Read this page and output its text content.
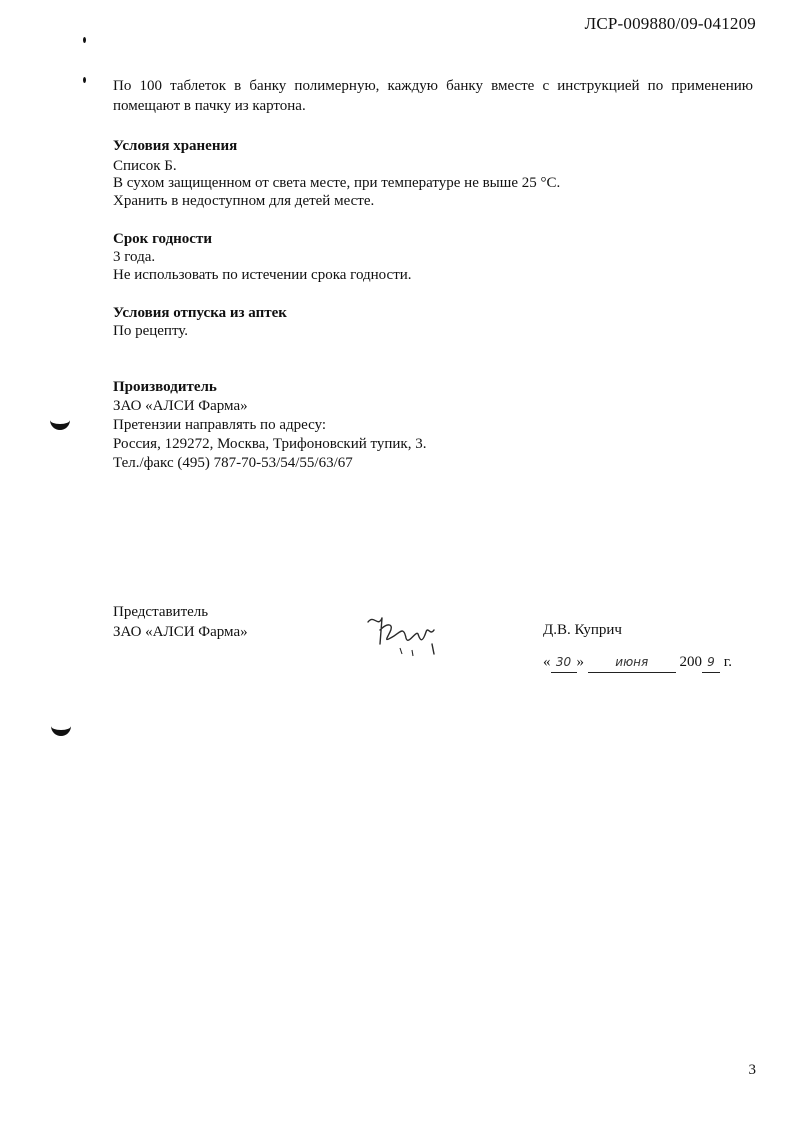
ЛСР-009880/09-041209
По 100 таблеток в банку полимерную, каждую банку вместе с инструкцией по применению помещают в пачку из картона.
Условия хранения
Список Б.
В сухом защищенном от света месте, при температуре не выше 25 °С.
Хранить в недоступном для детей месте.
Срок годности
3 года.
Не использовать по истечении срока годности.
Условия отпуска из аптек
По рецепту.
Производитель
ЗАО «АЛСИ Фарма»
Претензии направлять по адресу:
Россия, 129272, Москва, Трифоновский тупик, 3.
Тел./факс (495) 787-70-53/54/55/63/67
Представитель
ЗАО «АЛСИ Фарма»	Д.В. Куприч
« 30 »	июня 200 9 г.
3
